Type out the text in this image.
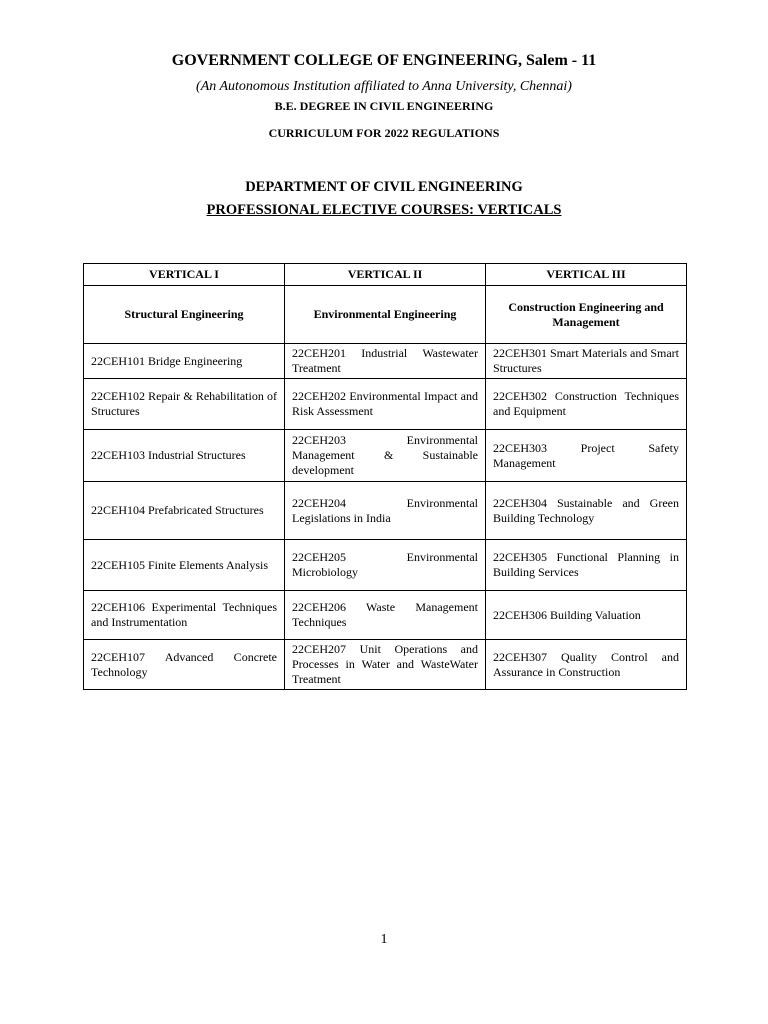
GOVERNMENT COLLEGE OF ENGINEERING, Salem - 11
(An Autonomous Institution affiliated to Anna University, Chennai)
B.E. DEGREE IN CIVIL ENGINEERING
CURRICULUM FOR 2022 REGULATIONS
DEPARTMENT OF CIVIL ENGINEERING
PROFESSIONAL ELECTIVE COURSES: VERTICALS
VERTICAL I	VERTICAL II	VERTICAL III
Structural Engineering	Environmental Engineering	Construction Engineering and Management
22CEH101 Bridge Engineering	22CEH201 Industrial Wastewater Treatment	22CEH301 Smart Materials and Smart Structures
22CEH102 Repair & Rehabilitation of Structures	22CEH202 Environmental Impact and Risk Assessment	22CEH302 Construction Techniques and Equipment
22CEH103 Industrial Structures	22CEH203 Environmental Management & Sustainable development	22CEH303 Project Safety Management
22CEH104 Prefabricated Structures	22CEH204 Environmental Legislations in India	22CEH304 Sustainable and Green Building Technology
22CEH105 Finite Elements Analysis	22CEH205 Environmental Microbiology	22CEH305 Functional Planning in Building Services
22CEH106 Experimental Techniques and Instrumentation	22CEH206 Waste Management Techniques	22CEH306 Building Valuation
22CEH107 Advanced Concrete Technology	22CEH207 Unit Operations and Processes in Water and WasteWater Treatment	22CEH307 Quality Control and Assurance in Construction
1
